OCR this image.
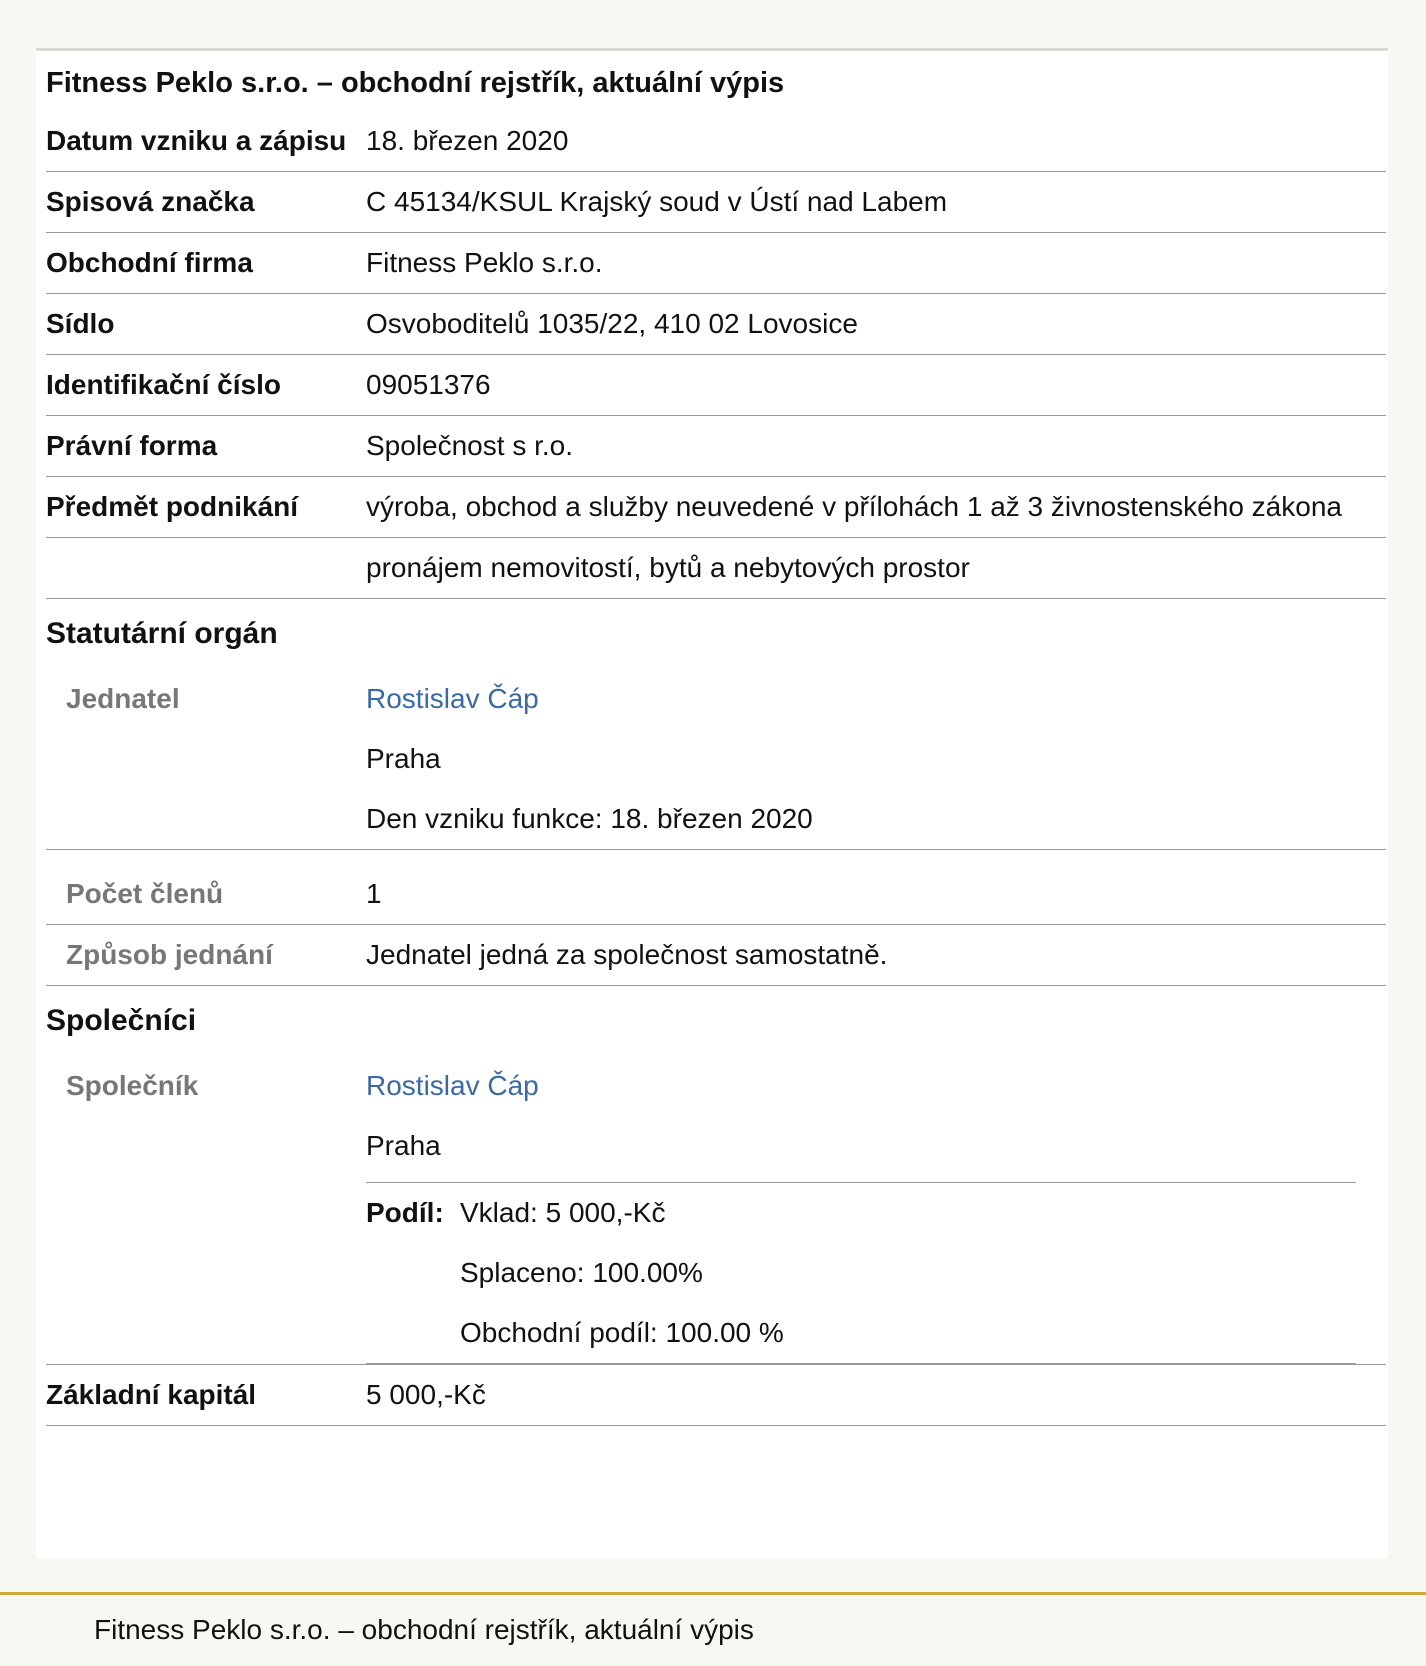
Fitness Peklo s.r.o. – obchodní rejstřík, aktuální výpis
Datum vzniku a zápisu	18. březen 2020
Spisová značka	C 45134/KSUL Krajský soud v Ústí nad Labem
Obchodní firma	Fitness Peklo s.r.o.
Sídlo	Osvoboditelů 1035/22, 410 02 Lovosice
Identifikační číslo	09051376
Právní forma	Společnost s r.o.
Předmět podnikání	výroba, obchod a služby neuvedené v přílohách 1 až 3 živnostenského zákona
	pronájem nemovitostí, bytů a nebytových prostor
Statutární orgán
Jednatel	Rostislav Čáp
Praha
Den vzniku funkce: 18. březen 2020

Počet členů	1
Způsob jednání	Jednatel jedná za společnost samostatně.
Společníci
Společník	Rostislav Čáp
Praha
Podíl:	Vklad: 5 000,-Kč
Splaceno: 100.00%
Obchodní podíl: 100.00 %

Základní kapitál	5 000,-Kč
Fitness Peklo s.r.o. – obchodní rejstřík, aktuální výpis
